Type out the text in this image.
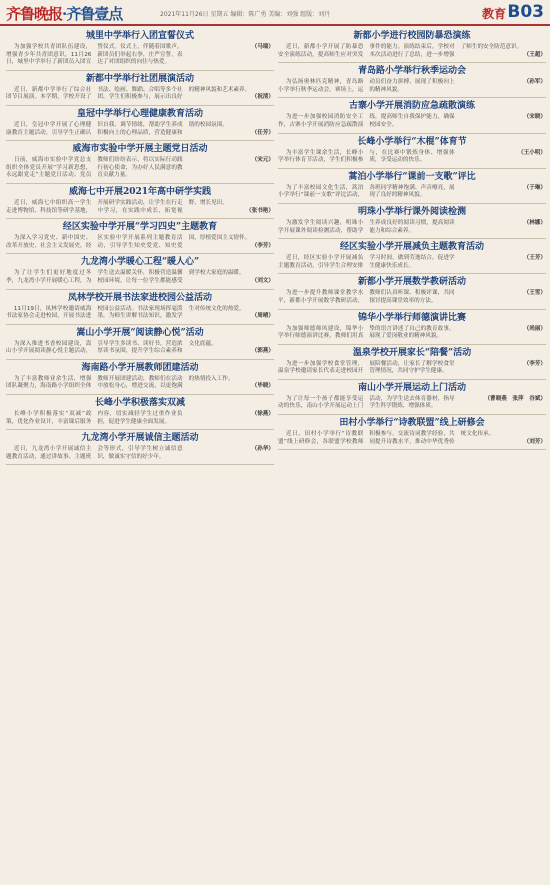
齐鲁晚报·齐鲁壹点	2021年11月26日 星期五 编辑：陈广勇 美编：刘强 组版：刘丹	教育 B03
城里中学举行入团宣誓仪式

为加强学校共青团队伍建设，增强青少年共青团意识，11月26日，城里中学举行了新团员入团宣誓仪式。仪式上，伴随着国歌声，新团员们举起右拳，庄严宣誓，表达了对团组织的向往与热爱。

（马瑞）
新都中学举行社团展演活动

近日，新都中学举行了综合社团节目展演。本学期，学校开设了书法、绘画、舞蹈、合唱等多个社团，学生们积极参与，展示出良好的精神风貌和艺术素养。

（祝清）
皇冠中学举行心理健康教育活动

近日，皇冠中学开展了心理健康教育主题活动，引导学生正确认识自我、调节情绪，帮助学生养成积极向上的心理品质，营造健康和谐的校园氛围。

（任芳）
威海市实验中学开展主题党日活动

日前，威海市实验中学党总支组织全体党员开展“学习新思想，永远跟党走”主题党日活动。党员教师们纷纷表示，将以实际行动践行初心使命，为办好人民满意的教育贡献力量。

（宋元）
威海七中开展2021年高中研学实践

近日，威海七中组织高一学生走进博物馆、科技馆等研学基地，开展研学实践活动，让学生在行走中学习，在实践中成长，拓宽视野，增长见识。

（张书艳）
经区实验中学开展“学习四史”主题教育

为深入学习党史、新中国史、改革开放史、社会主义发展史，经区实验中学开展系列主题教育活动，引导学生知史爱党、知史爱国，厚植爱国主义情怀。

（李芳）
九龙湾小学暖心工程“暖人心”

为了让学生们更好地度过冬季，九龙湾小学开展暖心工程，为学生送去温暖关怀，积极营造温馨校园环境，让每一位学生都能感受到学校大家庭的温暖。

（刘文）
凤林学校开展书法家进校园公益活动

11月19日，凤林学校邀请威海书法家协会走进校园，开展书法进校园公益活动。书法家现场挥毫泼墨，为师生讲解书法知识，激发学生对传统文化的热爱。

（周晴）
嵩山小学开展“阅读静心悦”活动

为深入推进书香校园建设，嵩山小学开展阅读静心悦主题活动，引导学生多读书、读好书，营造浓厚读书氛围，提升学生综合素养和文化底蕴。

（郭燕）
海南路小学开展教师团建活动

为了丰富教师业余生活，增强团队凝聚力，海南路小学组织全体教师开展团建活动，教师们在活动中放松身心，增进交流，以更饱满的热情投入工作。

（毕晓）
长峰小学积极落实双减

长峰小学积极落实“双减”政策，优化作业设计，丰富课后服务内容，切实减轻学生过重作业负担，促进学生健康全面发展。

（徐燕）
九龙湾小学开展诚信主题活动

近日，九龙湾小学开展诚信主题教育活动，通过讲故事、主题班会等形式，引导学生树立诚信意识，做诚实守信的好少年。

（孙华）
新都小学进行校园防暴恐演练

近日，新都小学开展了防暴恐安全演练活动，提高师生应对突发事件的能力。演练结束后，学校对本次活动进行了总结，进一步增强了师生的安全防范意识。

（王超）
青岛路小学举行秋季运动会

为弘扬奥林匹克精神，青岛路小学举行秋季运动会。赛场上，运动员们奋力拼搏，展现了积极向上的精神风貌。

（孙军）
古寨小学开展消防应急疏散演练

为进一步加强校园消防安全工作，古寨小学开展消防应急疏散演练，提高师生自我保护能力，确保校园安全。

（宋晓）
长峰小学举行“木棍”体育节

为丰富学生课余生活，长峰小学举行体育节活动，学生们积极参与，在比赛中锻炼身体、增强体质，享受运动的快乐。

（王小明）
蒿泊小学举行“课前一支歌”评比

为了丰富校园文化生活，蒿泊小学举行“课前一支歌”评比活动，各班同学精神饱满、声音嘹亮，展现了良好的精神风貌。

（于琳）
明珠小学举行课外阅读检测

为激发学生阅读兴趣，明珠小学开展课外阅读检测活动，帮助学生养成良好的阅读习惯，提高阅读能力和综合素养。

（林娜）
经区实验小学开展减负主题教育活动

近日，经区实验小学开展减负主题教育活动，引导学生合理安排学习时间，做到劳逸结合，促进学生健康快乐成长。

（王芳）
新都小学开展数学教研活动

为进一步提升教师课堂教学水平，新都小学开展数学教研活动，教师们认真听课、积极评课，共同探讨提高课堂效率的方法。

（王雪）
锦华小学举行师德演讲比赛

为加强师德师风建设，锦华小学举行师德演讲比赛，教师们用真挚的语言讲述了自己的教育故事，展现了爱岗敬业的精神风貌。

（尚丽）
温泉学校开展家长“陪餐”活动

为进一步加强学校食堂管理，温泉学校邀请家长代表走进校园开展陪餐活动，让家长了解学校食堂管理情况，共同守护学生健康。

（李芳）
南山小学开展运动上门活动

为了让每一个孩子都能享受运动的快乐，南山小学开展运动上门活动，为学生送去体育器材，指导学生科学锻炼，增强体质。

（曹晓燕　张萍　谷斌）
田村小学举行“诗教联盟”线上研修会

近日，田村小学举行“诗教联盟”线上研修会，各联盟学校教师积极参与，交流诗词教学经验，共同提升诗教水平，推动中华优秀传统文化传承。

（刘芳）
